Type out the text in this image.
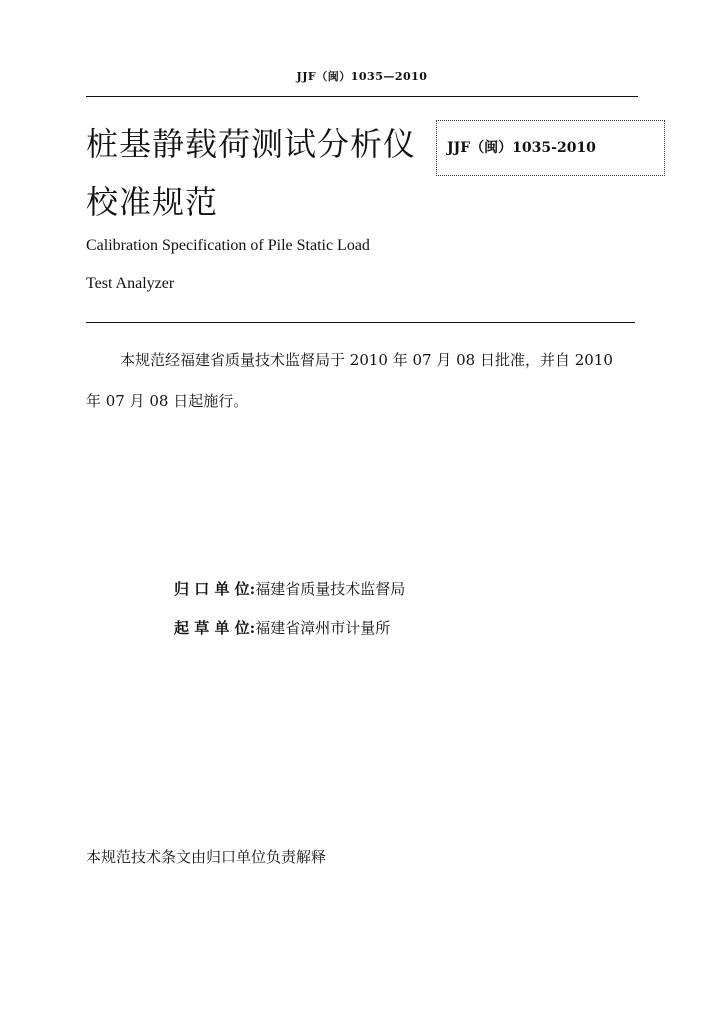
JJF（闽）1035—2010
桩基静载荷测试分析仪
校准规范
JJF（闽）1035-2010
Calibration Specification of Pile Static Load
Test Analyzer
本规范经福建省质量技术监督局于 2010 年 07 月 08 日批准，并自 2010
年 07 月 08 日起施行。
归 口 单 位:福建省质量技术监督局
起 草 单 位:福建省漳州市计量所
本规范技术条文由归口单位负责解释
